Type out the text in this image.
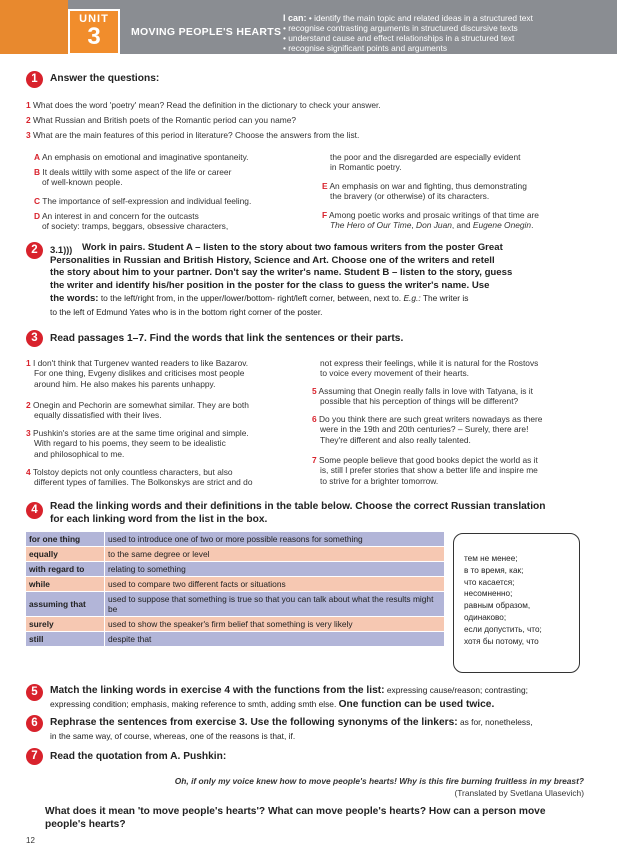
UNIT
3	MOVING PEOPLE'S HEARTS
I can: • identify the main topic and related ideas in a structured text
• recognise contrasting arguments in structured discursive texts
• understand cause and effect relationships in a structured text
• recognise significant points and arguments
1	Answer the questions:
1 What does the word 'poetry' mean? Read the definition in the dictionary to check your answer.
2 What Russian and British poets of the Romantic period can you name?
3 What are the main features of this period in literature? Choose the answers from the list.
A An emphasis on emotional and imaginative spontaneity.
B It deals wittily with some aspect of the life or career
of well-known people.
C The importance of self-expression and individual feeling.
D An interest in and concern for the outcasts
of society: tramps, beggars, obsessive characters,
the poor and the disregarded are especially evident
in Romantic poetry.
E An emphasis on war and fighting, thus demonstrating
the bravery (or otherwise) of its characters.
F Among poetic works and prosaic writings of that time are
The Hero of Our Time, Don Juan, and Eugene Onegin.
2	3.1))) Work in pairs. Student A – listen to the story about two famous writers from the poster Great
Personalities in Russian and British History, Science and Art. Choose one of the writers and retell
the story about him to your partner. Don't say the writer's name. Student B – listen to the story, guess
the writer and identify his/her position in the poster for the class to guess the writer's name. Use
the words: to the left/right from, in the upper/lower/bottom- right/left corner, between, next to. E.g.: The writer is
to the left of Edmund Yates who is in the bottom right corner of the poster.
3	Read passages 1–7. Find the words that link the sentences or their parts.
1 I don't think that Turgenev wanted readers to like Bazarov.
For one thing, Evgeny dislikes and criticises most people
around him. He also makes his parents unhappy.
2 Onegin and Pechorin are somewhat similar. They are both
equally dissatisfied with their lives.
3 Pushkin's stories are at the same time original and simple.
With regard to his poems, they seem to be idealistic
and philosophical to me.
4 Tolstoy depicts not only countless characters, but also
different types of families. The Bolkonskys are strict and do
not express their feelings, while it is natural for the Rostovs
to voice every movement of their hearts.
5 Assuming that Onegin really falls in love with Tatyana, is it
possible that his perception of things will be different?
6 Do you think there are such great writers nowadays as there
were in the 19th and 20th centuries? – Surely, there are!
They're different and also really talented.
7 Some people believe that good books depict the world as it
is, still I prefer stories that show a better life and inspire me
to strive for a brighter tomorrow.
4	Read the linking words and their definitions in the table below. Choose the correct Russian translation
for each linking word from the list in the box.
for one thing	used to introduce one of two or more possible reasons for something
equally	to the same degree or level
with regard to	relating to something
while	used to compare two different facts or situations
assuming that	used to suppose that something is true so that you can talk about what the results might be
surely	used to show the speaker's firm belief that something is very likely
still	despite that
тем не менее;
в то время, как;
что касается;
несомненно;
равным образом,
одинаково;
если допустить, что;
хотя бы потому, что
5	Match the linking words in exercise 4 with the functions from the list: expressing cause/reason; contrasting;
expressing condition; emphasis, making reference to smth, adding smth else. One function can be used twice.
6	Rephrase the sentences from exercise 3. Use the following synonyms of the linkers: as for, nonetheless,
in the same way, of course, whereas, one of the reasons is that, if.
7	Read the quotation from A. Pushkin:
Oh, if only my voice knew how to move people's hearts! Why is this fire burning fruitless in my breast?
(Translated by Svetlana Ulasevich)
What does it mean 'to move people's hearts'? What can move people's hearts? How can a person move
people's hearts?
12
